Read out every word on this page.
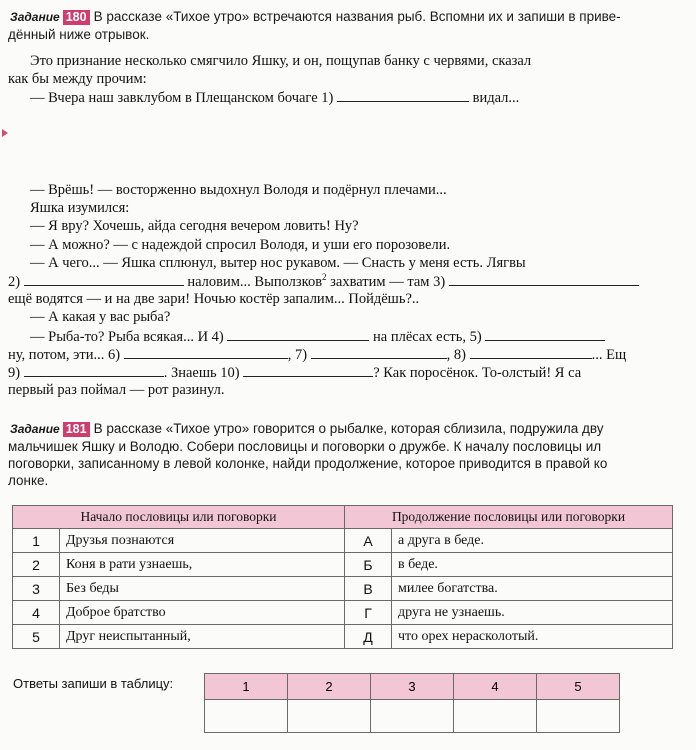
Задание 180 В рассказе «Тихое утро» встречаются названия рыб. Вспомни их и запиши в приве-
дённый ниже отрывок.
Это признание несколько смягчило Яшку, и он, пощупав банку с червями, сказал
как бы между прочим:
— Вчера наш завклубом в Плещанском бочаге 1)	видал...
— Врёшь! — восторженно выдохнул Володя и подёрнул плечами...
Яшка изумился:
— Я вру? Хочешь, айда сегодня вечером ловить! Ну?
— А можно? — с надеждой спросил Володя, и уши его порозовели.
— А чего... — Яшка сплюнул, вытер нос рукавом. — Снасть у меня есть. Лягвы
2)	наловим... Выползков$^2$ захватим — там 3)
ещё водятся — и на две зари! Ночью костёр запалим... Пойдёшь?..
— А какая у вас рыба?
— Рыба-то? Рыба всякая... И 4)	на плёсах есть, 5)
ну, потом, эти... 6)	, 7)	, 8)	... Ещ
9)	. Знаешь 10)	? Как поросёнок. То-олстый! Я са
первый раз поймал — рот разинул.
Задание 181 В рассказе «Тихое утро» говорится о рыбалке, которая сблизила, подружила дву
мальчишек Яшку и Володю. Собери пословицы и поговорки о дружбе. К началу пословицы ил
поговорки, записанному в левой колонке, найди продолжение, которое приводится в правой ко
лонке.
Начало пословицы или поговорки		Продолжение пословицы или поговорки	
1	Друзья познаются	А	а друга в беде.
2	Коня в рати узнаешь,	Б	в беде.
3	Без беды	В	милее богатства.
4	Доброе братство	Г	друга не узнаешь.
5	Друг неиспытанный,	Д	что орех нерасколотый.
Ответы запиши в таблицу:	1	2	3	4	5
